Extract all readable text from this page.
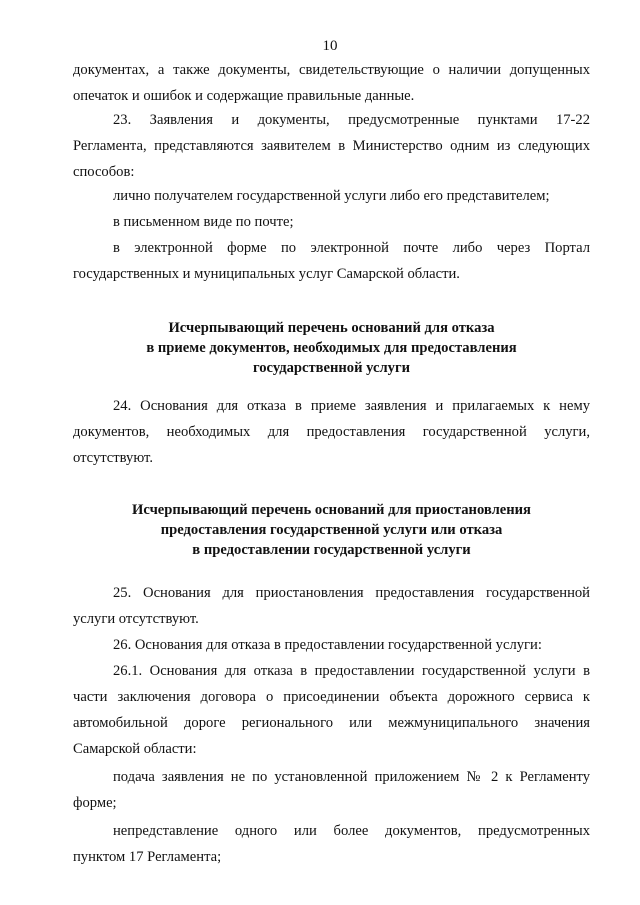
10
документах, а также документы, свидетельствующие о наличии допущенных
опечаток и ошибок и содержащие правильные данные.
23. Заявления и документы, предусмотренные пунктами 17-22
Регламента, представляются заявителем в Министерство одним из следующих
способов:
лично получателем государственной услуги либо его представителем;
в письменном виде по почте;
в электронной форме по электронной почте либо через Портал
государственных и муниципальных услуг Самарской области.
Исчерпывающий перечень оснований для отказа
в приеме документов, необходимых для предоставления
государственной услуги
24. Основания для отказа в приеме заявления и прилагаемых к нему
документов, необходимых для предоставления государственной услуги,
отсутствуют.
Исчерпывающий перечень оснований для приостановления
предоставления государственной услуги или отказа
в предоставлении государственной услуги
25. Основания для приостановления предоставления государственной
услуги отсутствуют.
26. Основания для отказа в предоставлении государственной услуги:
26.1. Основания для отказа в предоставлении государственной услуги в
части заключения договора о присоединении объекта дорожного сервиса к
автомобильной дороге регионального или межмуниципального значения
Самарской области:
подача заявления не по установленной приложением № 2 к Регламенту
форме;
непредставление одного или более документов, предусмотренных
пунктом 17 Регламента;
